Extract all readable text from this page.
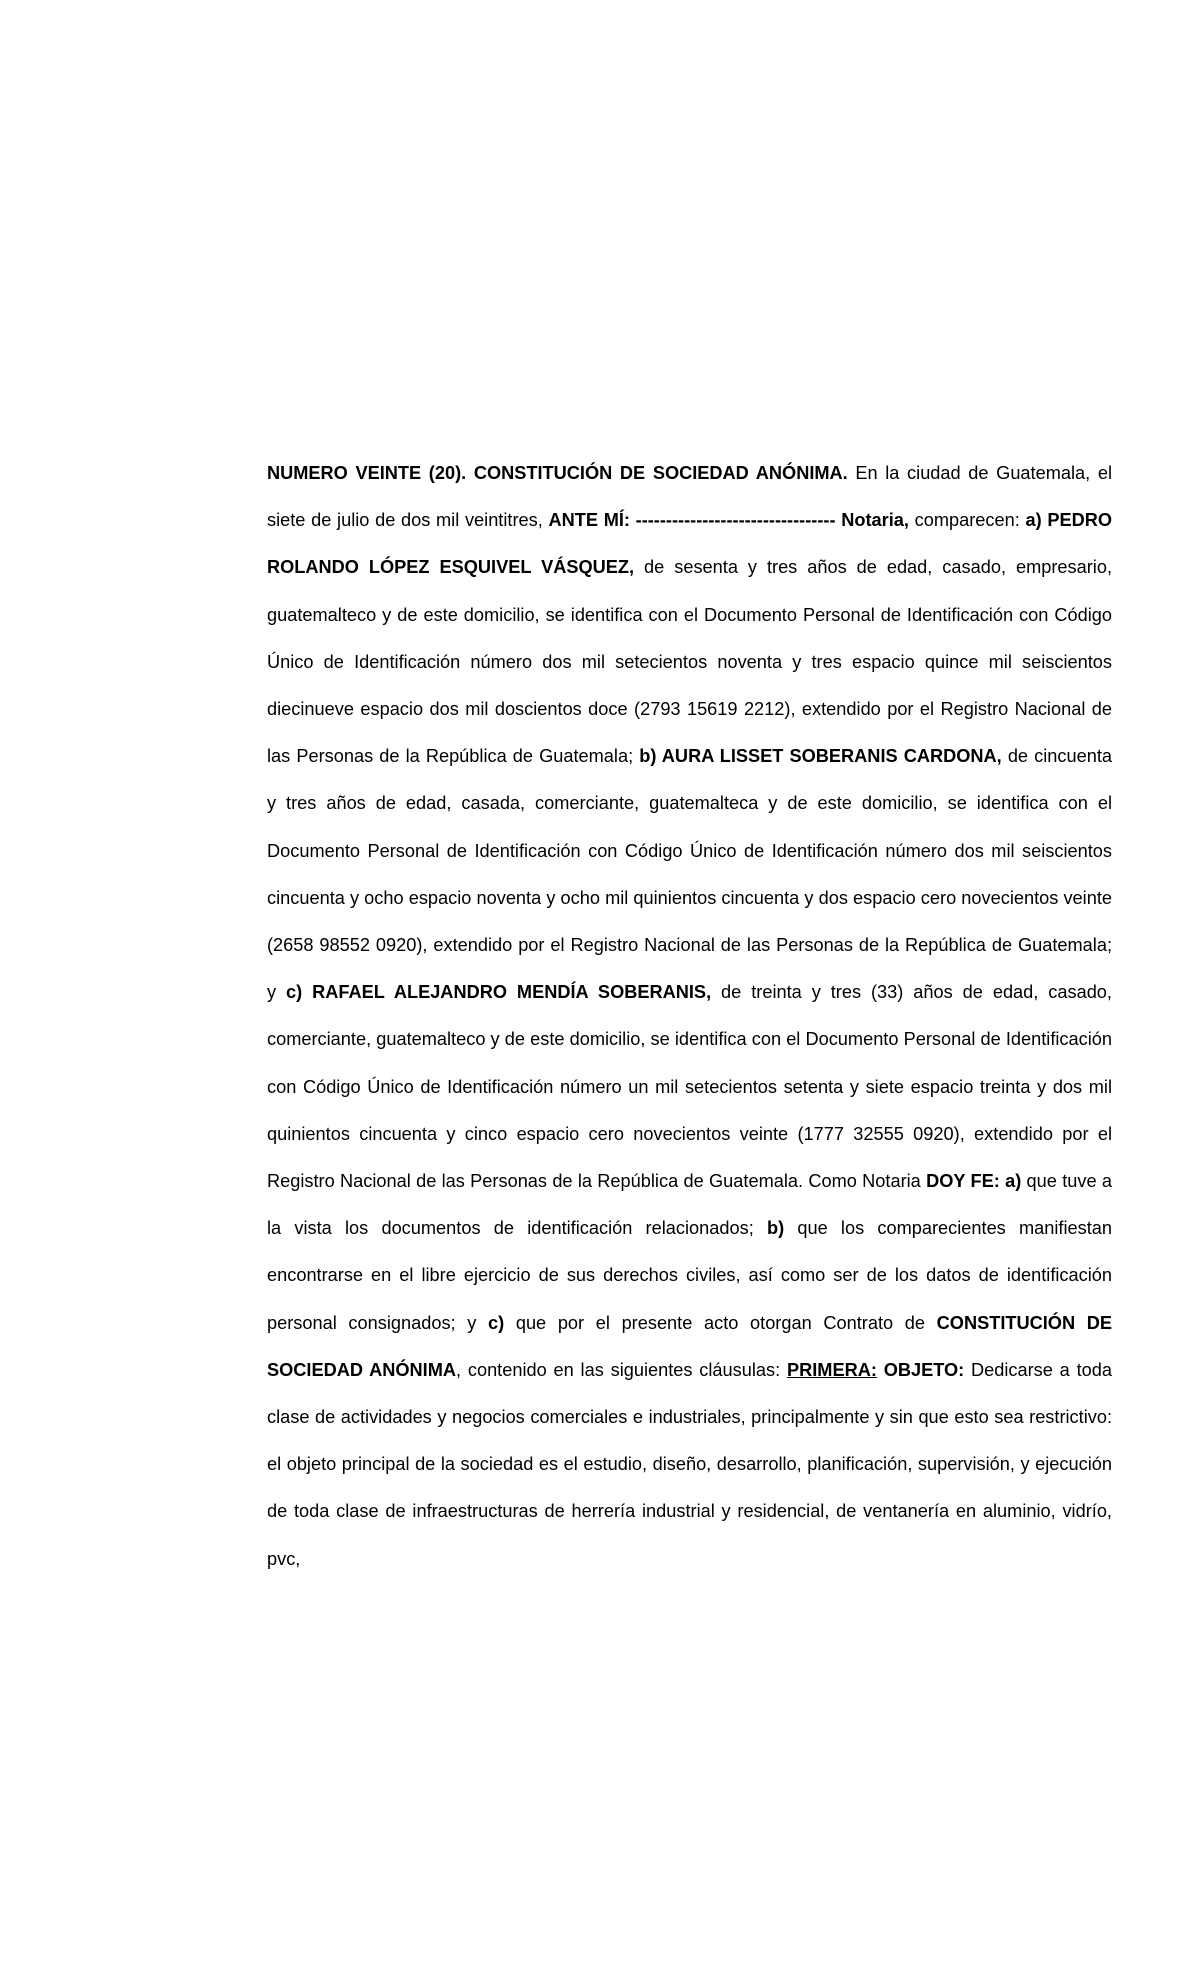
NUMERO VEINTE (20). CONSTITUCIÓN DE SOCIEDAD ANÓNIMA. En la ciudad de Guatemala, el siete de julio de dos mil veintitres, ANTE MÍ: --------------------------------- Notaria, comparecen: a) PEDRO ROLANDO LÓPEZ ESQUIVEL VÁSQUEZ, de sesenta y tres años de edad, casado, empresario, guatemalteco y de este domicilio, se identifica con el Documento Personal de Identificación con Código Único de Identificación número dos mil setecientos noventa y tres espacio quince mil seiscientos diecinueve espacio dos mil doscientos doce (2793 15619 2212), extendido por el Registro Nacional de las Personas de la República de Guatemala; b) AURA LISSET SOBERANIS CARDONA, de cincuenta y tres años de edad, casada, comerciante, guatemalteca y de este domicilio, se identifica con el Documento Personal de Identificación con Código Único de Identificación número dos mil seiscientos cincuenta y ocho espacio noventa y ocho mil quinientos cincuenta y dos espacio cero novecientos veinte (2658 98552 0920), extendido por el Registro Nacional de las Personas de la República de Guatemala; y c) RAFAEL ALEJANDRO MENDÍA SOBERANIS, de treinta y tres (33) años de edad, casado, comerciante, guatemalteco y de este domicilio, se identifica con el Documento Personal de Identificación con Código Único de Identificación número un mil setecientos setenta y siete espacio treinta y dos mil quinientos cincuenta y cinco espacio cero novecientos veinte (1777 32555 0920), extendido por el Registro Nacional de las Personas de la República de Guatemala. Como Notaria DOY FE: a) que tuve a la vista los documentos de identificación relacionados; b) que los comparecientes manifiestan encontrarse en el libre ejercicio de sus derechos civiles, así como ser de los datos de identificación personal consignados; y c) que por el presente acto otorgan Contrato de CONSTITUCIÓN DE SOCIEDAD ANÓNIMA, contenido en las siguientes cláusulas: PRIMERA: OBJETO: Dedicarse a toda clase de actividades y negocios comerciales e industriales, principalmente y sin que esto sea restrictivo: el objeto principal de la sociedad es el estudio, diseño, desarrollo, planificación, supervisión, y ejecución de toda clase de infraestructuras de herrería industrial y residencial, de ventanería en aluminio, vidrío, pvc,
